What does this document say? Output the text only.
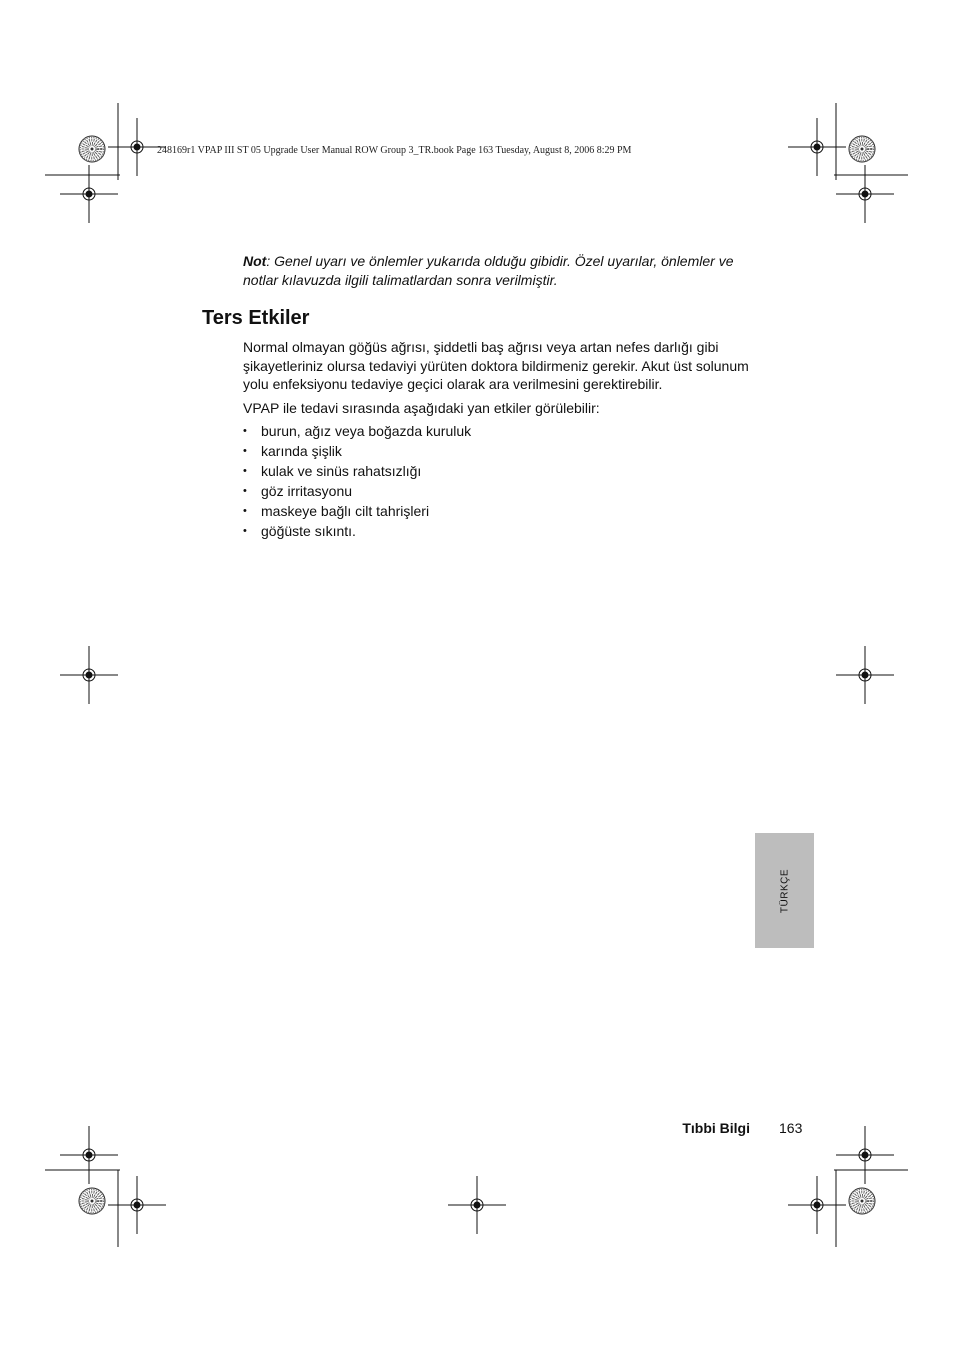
248169r1 VPAP III ST 05 Upgrade User Manual ROW Group 3_TR.book Page 163 Tuesday, August 8, 2006 8:29 PM
Not: Genel uyarı ve önlemler yukarıda olduğu gibidir. Özel uyarılar, önlemler ve notlar kılavuzda ilgili talimatlardan sonra verilmiştir.
Ters Etkiler

Normal olmayan göğüs ağrısı, şiddetli baş ağrısı veya artan nefes darlığı gibi şikayetleriniz olursa tedaviyi yürüten doktora bildirmeniz gerekir. Akut üst solunum yolu enfeksiyonu tedaviye geçici olarak ara verilmesini gerektirebilir.

VPAP ile tedavi sırasında aşağıdaki yan etkiler görülebilir:

• burun, ağız veya boğazda kuruluk
• karında şişlik
• kulak ve sinüs rahatsızlığı
• göz irritasyonu
• maskeye bağlı cilt tahrişleri
• göğüste sıkıntı.
TÜRKÇE
Tıbbi Bilgi 163
